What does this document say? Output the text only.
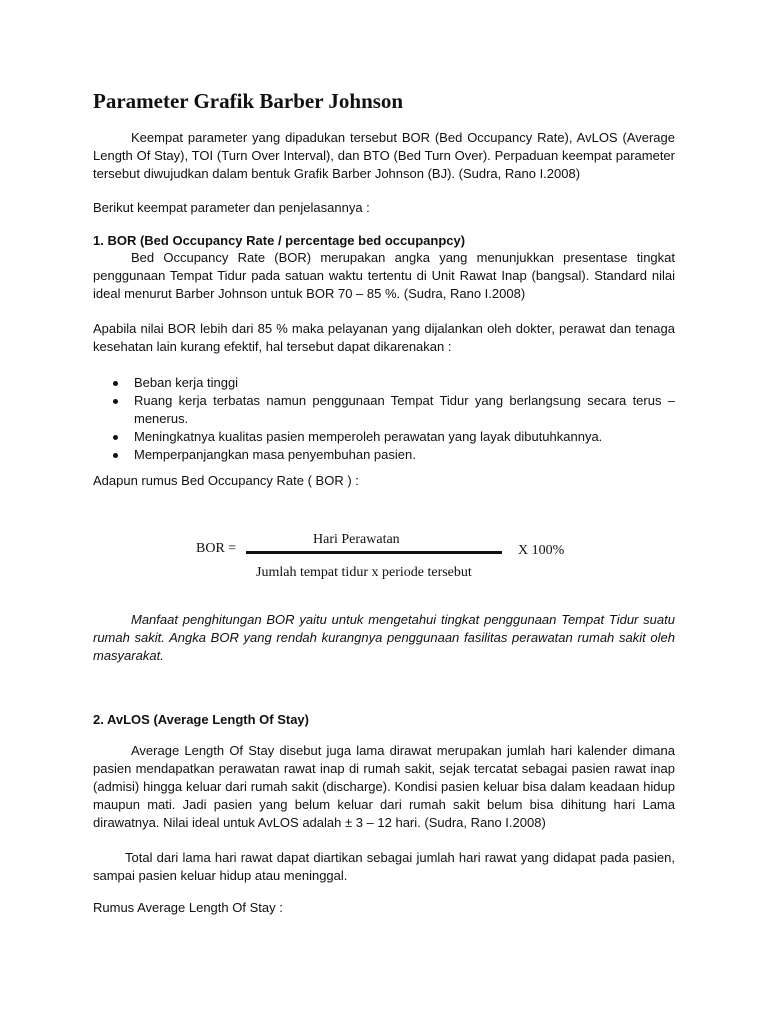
Parameter Grafik Barber Johnson

Keempat parameter yang dipadukan tersebut BOR (Bed Occupancy Rate), AvLOS (Average Length Of Stay), TOI (Turn Over Interval), dan BTO (Bed Turn Over). Perpaduan keempat parameter tersebut diwujudkan dalam bentuk Grafik Barber Johnson (BJ). (Sudra, Rano I.2008)

Berikut keempat parameter dan penjelasannya :

1. BOR (Bed Occupancy Rate / percentage bed occupanpcy)

Bed Occupancy Rate (BOR) merupakan angka yang menunjukkan presentase tingkat penggunaan Tempat Tidur pada satuan waktu tertentu di Unit Rawat Inap (bangsal). Standard nilai ideal menurut Barber Johnson untuk BOR 70 – 85 %. (Sudra, Rano I.2008)

Apabila nilai BOR lebih dari 85 % maka pelayanan yang dijalankan oleh dokter, perawat dan tenaga kesehatan lain kurang efektif, hal tersebut dapat dikarenakan :

Beban kerja tinggi
Ruang kerja terbatas namun penggunaan Tempat Tidur yang berlangsung secara terus – menerus.
Meningkatnya kualitas pasien memperoleh perawatan yang layak dibutuhkannya.
Memperpanjangkan masa penyembuhan pasien.

Adapun rumus Bed Occupancy Rate ( BOR ) :

BOR =
Hari Perawatan
Jumlah tempat tidur x periode tersebut
X 100%

Manfaat penghitungan BOR yaitu untuk mengetahui tingkat penggunaan Tempat Tidur suatu rumah sakit. Angka BOR yang rendah kurangnya penggunaan fasilitas perawatan rumah sakit oleh masyarakat.

2. AvLOS (Average Length Of Stay)

Average Length Of Stay disebut juga lama dirawat merupakan jumlah hari kalender dimana pasien mendapatkan perawatan rawat inap di rumah sakit, sejak tercatat sebagai pasien rawat inap (admisi) hingga keluar dari rumah sakit (discharge). Kondisi pasien keluar bisa dalam keadaan hidup maupun mati. Jadi pasien yang belum keluar dari rumah sakit belum bisa dihitung hari Lama dirawatnya. Nilai ideal untuk AvLOS adalah ± 3 – 12 hari. (Sudra, Rano I.2008)

Total dari lama hari rawat dapat diartikan sebagai jumlah hari rawat yang didapat pada pasien, sampai pasien keluar hidup atau meninggal.

Rumus Average Length Of Stay :
